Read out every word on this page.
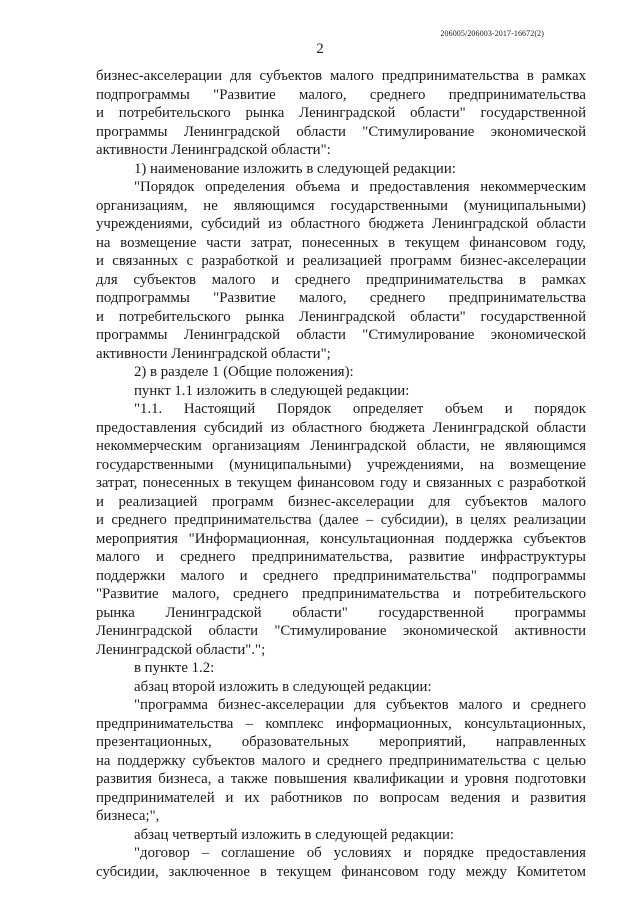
206005/206003-2017-16672(2)
2
бизнес-акселерации для субъектов малого предпринимательства в рамках
подпрограммы "Развитие малого, среднего предпринимательства
и потребительского рынка Ленинградской области" государственной
программы Ленинградской области "Стимулирование экономической
активности Ленинградской области":
1) наименование изложить в следующей редакции:
"Порядок определения объема и предоставления некоммерческим
организациям, не являющимся государственными (муниципальными)
учреждениями, субсидий из областного бюджета Ленинградской области
на возмещение части затрат, понесенных в текущем финансовом году,
и связанных с разработкой и реализацией программ бизнес-акселерации
для субъектов малого и среднего предпринимательства в рамках
подпрограммы "Развитие малого, среднего предпринимательства
и потребительского рынка Ленинградской области" государственной
программы Ленинградской области "Стимулирование экономической
активности Ленинградской области";
2) в разделе 1 (Общие положения):
пункт 1.1 изложить в следующей редакции:
"1.1. Настоящий Порядок определяет объем и порядок
предоставления субсидий из областного бюджета Ленинградской области
некоммерческим организациям Ленинградской области, не являющимся
государственными (муниципальными) учреждениями, на возмещение
затрат, понесенных в текущем финансовом году и связанных с разработкой
и реализацией программ бизнес-акселерации для субъектов малого
и среднего предпринимательства (далее – субсидии), в целях реализации
мероприятия "Информационная, консультационная поддержка субъектов
малого и среднего предпринимательства, развитие инфраструктуры
поддержки малого и среднего предпринимательства" подпрограммы
"Развитие малого, среднего предпринимательства и потребительского
рынка Ленинградской области" государственной программы
Ленинградской области "Стимулирование экономической активности
Ленинградской области".";
в пункте 1.2:
абзац второй изложить в следующей редакции:
"программа бизнес-акселерации для субъектов малого и среднего
предпринимательства – комплекс информационных, консультационных,
презентационных, образовательных мероприятий, направленных
на поддержку субъектов малого и среднего предпринимательства с целью
развития бизнеса, а также повышения квалификации и уровня подготовки
предпринимателей и их работников по вопросам ведения и развития
бизнеса;",
абзац четвертый изложить в следующей редакции:
"договор – соглашение об условиях и порядке предоставления
субсидии, заключенное в текущем финансовом году между Комитетом
